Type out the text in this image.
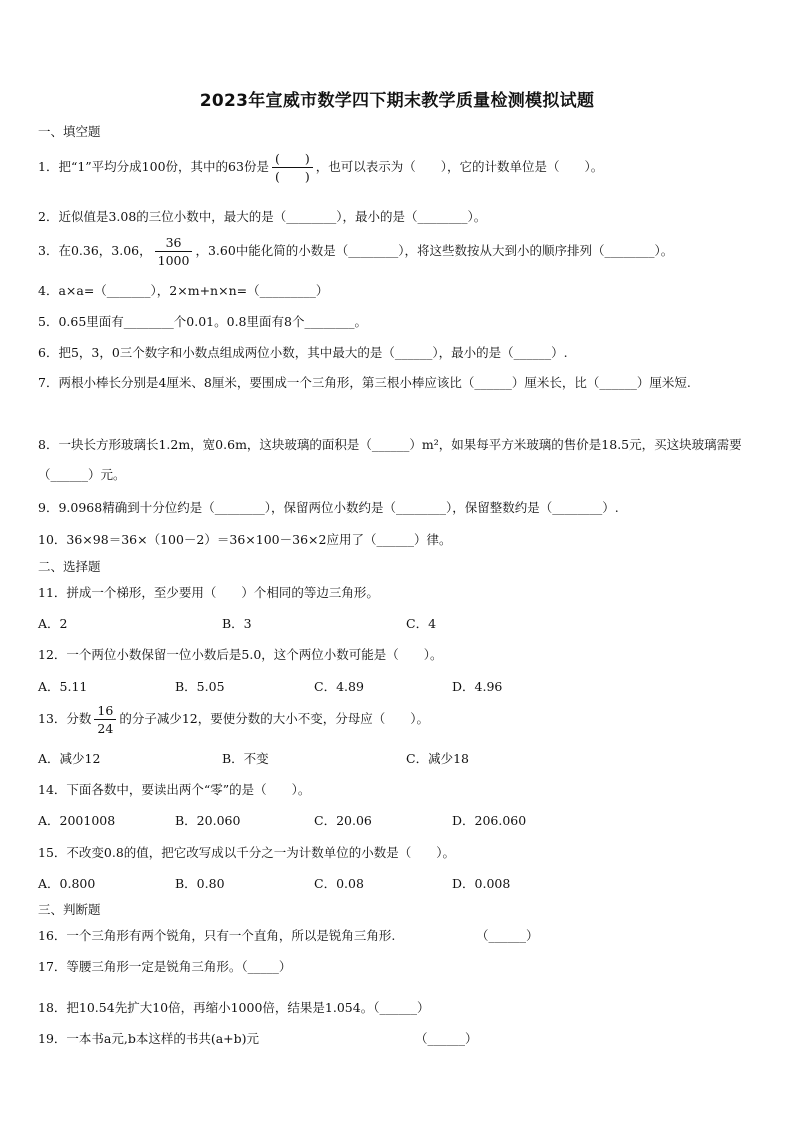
2023年宣威市数学四下期末教学质量检测模拟试题
一、填空题
1．把“1”平均分成100份，其中的63份是 $\frac{( )}{( )}$ ，也可以表示为（　　），它的计数单位是（　　）。
2．近似值是3.08的三位小数中，最大的是（________），最小的是（________）。
3．在0.36，3.06， $\frac{36}{1000}$ ，3.60中能化简的小数是（________），将这些数按从大到小的顺序排列（________）。
4．a×a=（_______），2×m+n×n=（_________）
5．0.65里面有________个0.01。0.8里面有8个________。
6．把5，3，0三个数字和小数点组成两位小数，其中最大的是（______），最小的是（______）.
7．两根小棒长分别是4厘米、8厘米，要围成一个三角形，第三根小棒应该比（______）厘米长，比（______）厘米短.
8．一块长方形玻璃长1.2m，宽0.6m，这块玻璃的面积是（______）m²，如果每平方米玻璃的售价是18.5元，买这块玻璃需要（______）元。
9．9.0968精确到十分位约是（________），保留两位小数约是（________），保留整数约是（________）.
10．36×98＝36×（100－2）＝36×100－36×2应用了（______）律。
二、选择题
11．拼成一个梯形，至少要用（　　）个相同的等边三角形。
A．2	B．3	C．4
12．一个两位小数保留一位小数后是5.0，这个两位小数可能是（　　）。
A．5.11	B．5.05	C．4.89	D．4.96
13．分数 $\frac{16}{24}$ 的分子减少12，要使分数的大小不变，分母应（　　）。
A．减少12	B．不变	C．减少18
14．下面各数中，要读出两个“零”的是（　　）。
A．2001008	B．20.060	C．20.06	D．206.060
15．不改变0.8的值，把它改写成以千分之一为计数单位的小数是（　　）。
A．0.800	B．0.80	C．0.08	D．0.008
三、判断题
16．一个三角形有两个锐角，只有一个直角，所以是锐角三角形.	（______）
17．等腰三角形一定是锐角三角形。（_____）
18．把10.54先扩大10倍，再缩小1000倍，结果是1.054。（______）
19．一本书a元,b本这样的书共(a+b)元	（______）
